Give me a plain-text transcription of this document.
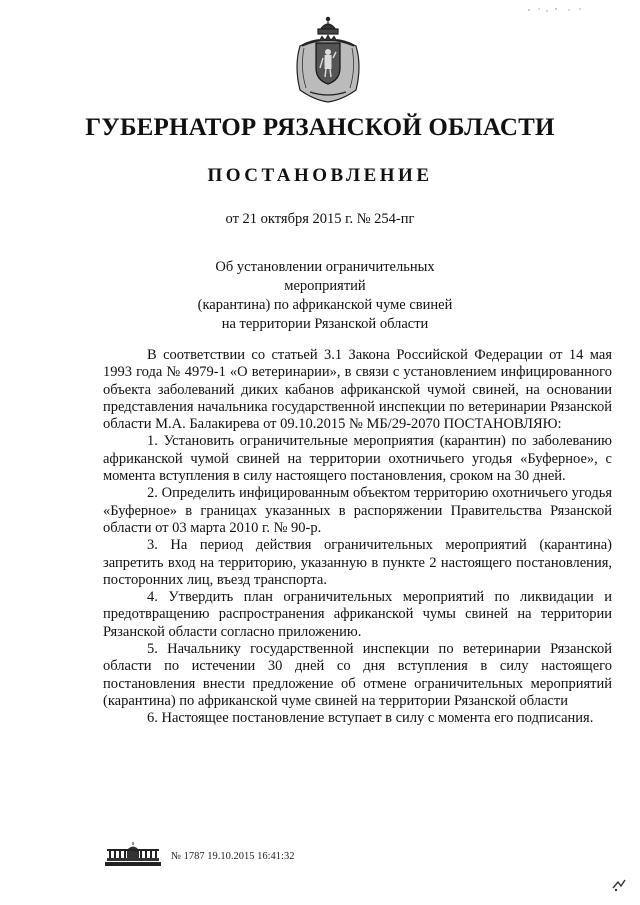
ГУБЕРНАТОР РЯЗАНСКОЙ ОБЛАСТИ
ПОСТАНОВЛЕНИЕ
от 21 октября 2015 г. № 254-пг
Об установлении ограничительных мероприятий
(карантина) по африканской чуме свиней
на территории Рязанской области

В соответствии со статьей 3.1 Закона Российской Федерации от 14 мая 1993 года № 4979-1 «О ветеринарии», в связи с установлением инфицированного объекта заболеваний диких кабанов африканской чумой свиней, на основании представления начальника государственной инспекции по ветеринарии Рязанской области М.А. Балакирева от 09.10.2015 № МБ/29-2070 ПОСТАНОВЛЯЮ:

1. Установить ограничительные мероприятия (карантин) по заболеванию африканской чумой свиней на территории охотничьего угодья «Буферное», с момента вступления в силу настоящего постановления, сроком на 30 дней.

2. Определить инфицированным объектом территорию охотничьего угодья «Буферное» в границах указанных в распоряжении Правительства Рязанской области от 03 марта 2010 г. № 90-р.

3. На период действия ограничительных мероприятий (карантина) запретить вход на территорию, указанную в пункте 2 настоящего постановления, посторонних лиц, въезд транспорта.

4. Утвердить план ограничительных мероприятий по ликвидации и предотвращению распространения африканской чумы свиней на территории Рязанской области согласно приложению.

5. Начальнику государственной инспекции по ветеринарии Рязанской области по истечении 30 дней со дня вступления в силу настоящего постановления внести предложение об отмене ограничительных мероприятий (карантина) по африканской чуме свиней на территории Рязанской области

6. Настоящее постановление вступает в силу с момента его подписания.

№ 1787 19.10.2015 16:41:32
